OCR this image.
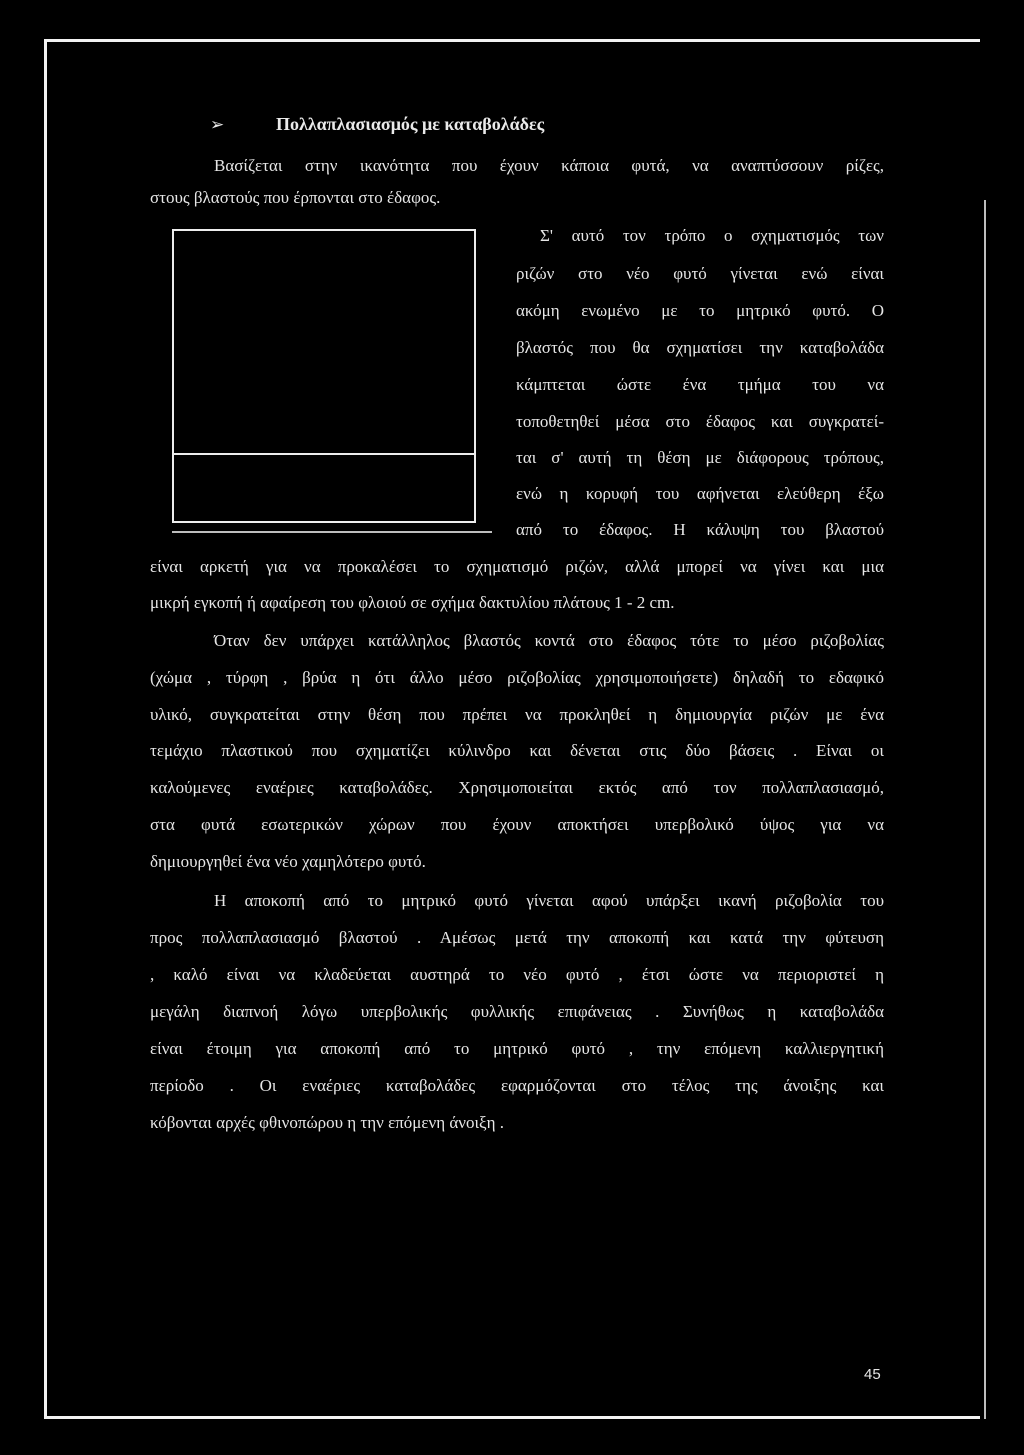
➢	Πολλαπλασιασμός με καταβολάδες
Βασίζεται στην ικανότητα που έχουν κάποια φυτά, να αναπτύσσουν ρίζες,
στους βλαστούς που έρπονται στο έδαφος.
Σ' αυτό τον τρόπο ο σχηματισμός των
ριζών στο νέο φυτό γίνεται ενώ είναι
ακόμη ενωμένο με το μητρικό φυτό. Ο
βλαστός που θα σχηματίσει την καταβολάδα
κάμπτεται ώστε ένα τμήμα του να
τοποθετηθεί μέσα στο έδαφος και συγκρατεί-
ται σ' αυτή τη θέση με διάφορους τρόπους,
ενώ η κορυφή του αφήνεται ελεύθερη έξω
από το έδαφος. Η κάλυψη του βλαστού
είναι αρκετή για να προκαλέσει το σχηματισμό ριζών, αλλά μπορεί να γίνει και μια
μικρή εγκοπή ή αφαίρεση του φλοιού σε σχήμα δακτυλίου πλάτους 1 - 2 cm.
Όταν δεν υπάρχει κατάλληλος βλαστός κοντά στο έδαφος τότε το μέσο ριζοβολίας
(χώμα , τύρφη , βρύα η ότι άλλο μέσο ριζοβολίας χρησιμοποιήσετε) δηλαδή το εδαφικό
υλικό, συγκρατείται στην θέση που πρέπει να προκληθεί η δημιουργία ριζών με ένα
τεμάχιο πλαστικού που σχηματίζει κύλινδρο και δένεται στις δύο βάσεις . Είναι οι
καλούμενες εναέριες καταβολάδες. Χρησιμοποιείται εκτός από τον πολλαπλασιασμό,
στα φυτά εσωτερικών χώρων που έχουν αποκτήσει υπερβολικό ύψος για να
δημιουργηθεί ένα νέο χαμηλότερο φυτό.
Η αποκοπή από το μητρικό φυτό γίνεται αφού υπάρξει ικανή ριζοβολία του
προς πολλαπλασιασμό βλαστού . Αμέσως μετά την αποκοπή και κατά την φύτευση
, καλό είναι να κλαδεύεται αυστηρά το νέο φυτό , έτσι ώστε να περιοριστεί η
μεγάλη διαπνοή λόγω υπερβολικής φυλλικής επιφάνειας . Συνήθως η καταβολάδα
είναι έτοιμη για αποκοπή από το μητρικό φυτό , την επόμενη καλλιεργητική
περίοδο . Οι εναέριες καταβολάδες εφαρμόζονται στο τέλος της άνοιξης και
κόβονται αρχές φθινοπώρου η την επόμενη άνοιξη .
45
